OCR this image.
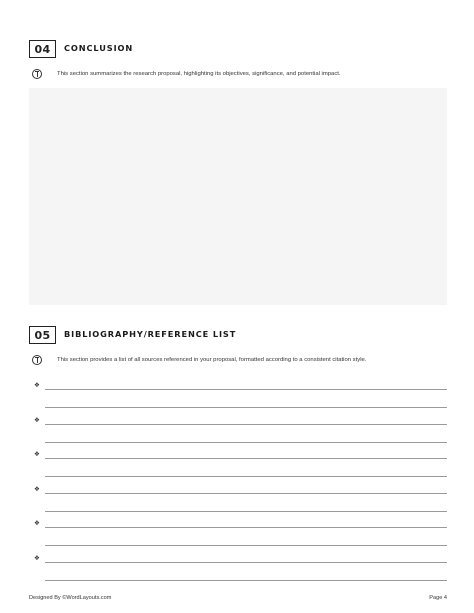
04	CONCLUSION
This section summarizes the research proposal, highlighting its objectives, significance, and potential impact.
05	BIBLIOGRAPHY/REFERENCE LIST
This section provides a list of all sources referenced in your proposal, formatted according to a consistent citation style.
❖
❖
❖
❖
❖
❖
Designed By ©WordLayouts.com	Page 4
